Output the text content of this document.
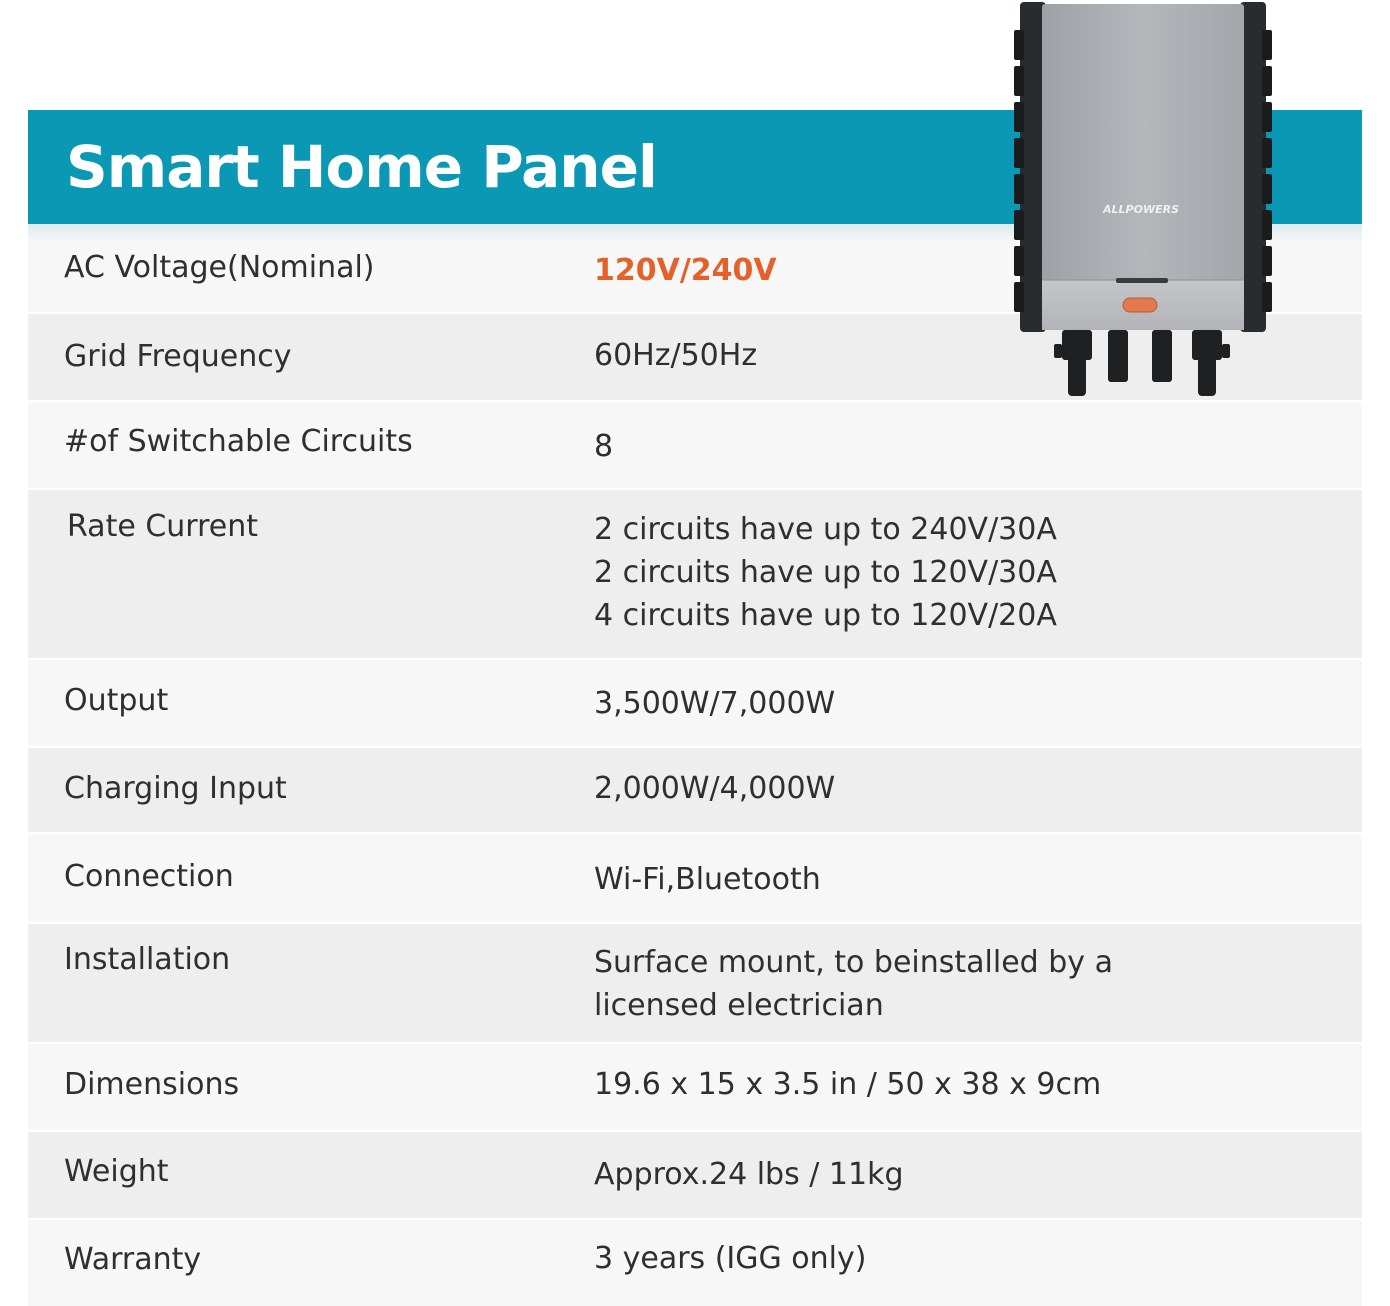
Smart Home Panel
AC Voltage(Nominal)	120V/240V
Grid Frequency	60Hz/50Hz
#of Switchable Circuits	8
Rate Current	2 circuits have up to 240V/30A
2 circuits have up to 120V/30A
4 circuits have up to 120V/20A
Output	3,500W/7,000W
Charging Input	2,000W/4,000W
Connection	Wi-Fi,Bluetooth
Installation	Surface mount, to beinstalled by a
licensed electrician
Dimensions	19.6 x 15 x 3.5 in / 50 x 38 x 9cm
Weight	Approx.24 lbs / 11kg
Warranty	3 years (IGG only)
ALLPOWERS
